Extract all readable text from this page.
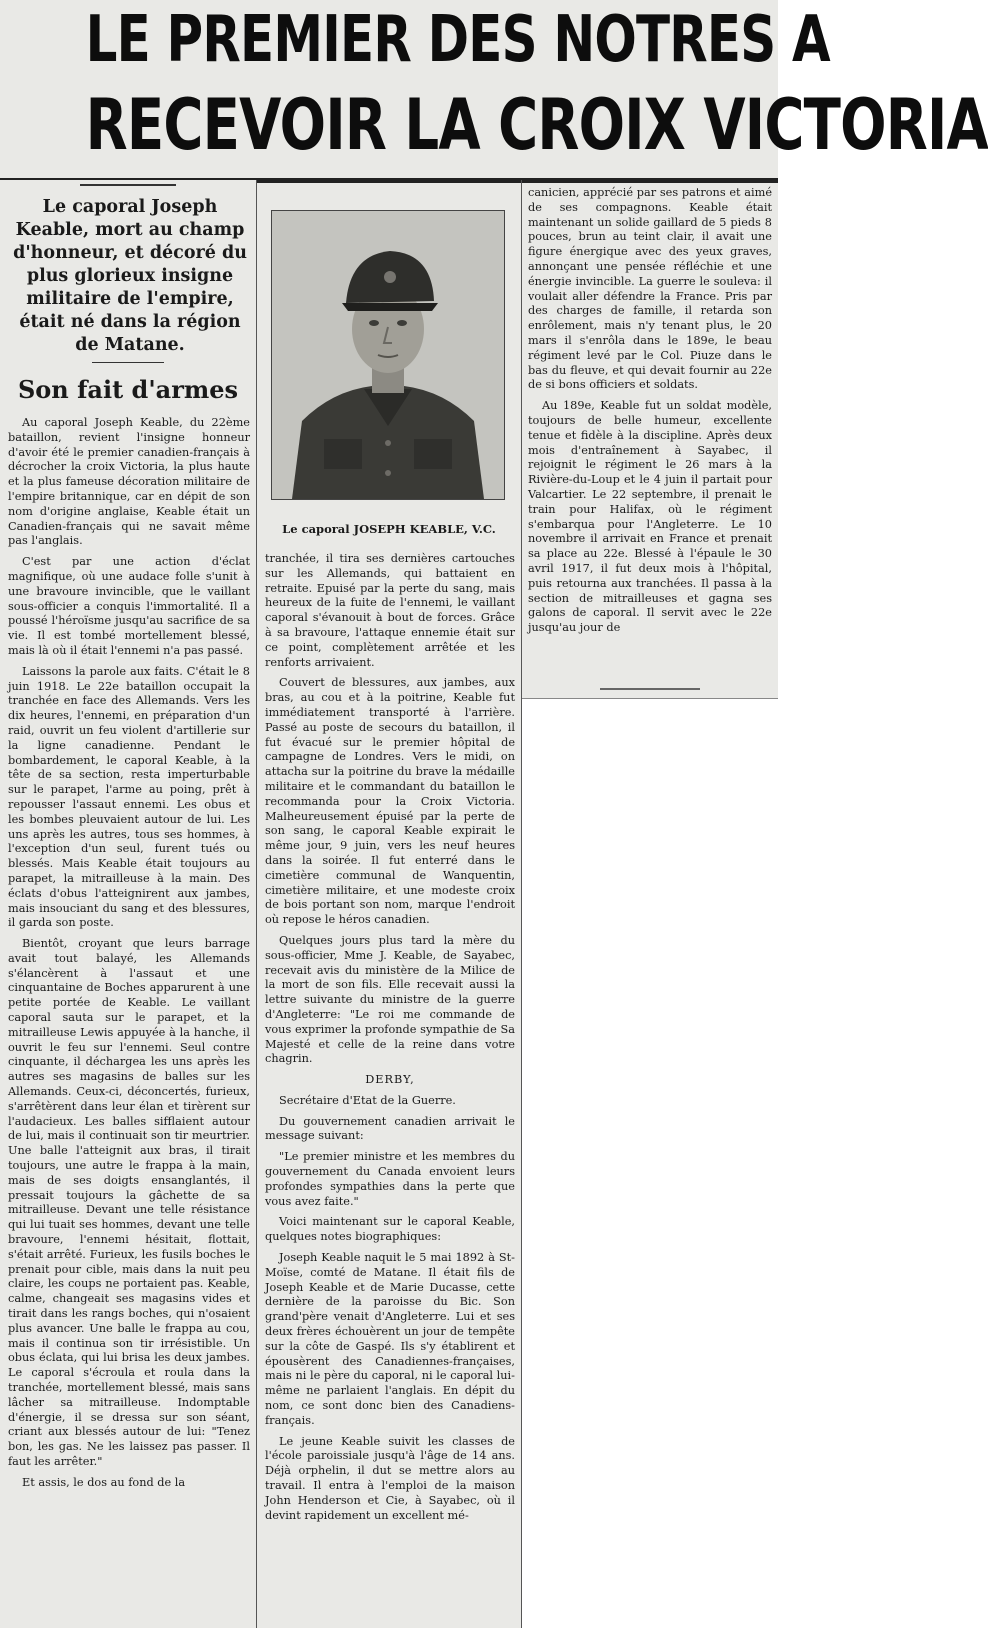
LE PREMIER DES NOTRES A
RECEVOIR LA CROIX VICTORIA
Le caporal Joseph Keable, mort au champ d'honneur, et décoré du plus glorieux insigne militaire de l'empire, était né dans la région de Matane.
Son fait d'armes

Au caporal Joseph Keable, du 22ème bataillon, revient l'insigne honneur d'avoir été le premier canadien-français à décrocher la croix Victoria, la plus haute et la plus fameuse décoration militaire de l'empire britannique, car en dépit de son nom d'origine anglaise, Keable était un Canadien-français qui ne savait même pas l'anglais.

C'est par une action d'éclat magnifique, où une audace folle s'unit à une bravoure invincible, que le vaillant sous-officier a conquis l'immortalité. Il a poussé l'héroïsme jusqu'au sacrifice de sa vie. Il est tombé mortellement blessé, mais là où il était l'ennemi n'a pas passé.

Laissons la parole aux faits. C'était le 8 juin 1918. Le 22e bataillon occupait la tranchée en face des Allemands. Vers les dix heures, l'ennemi, en préparation d'un raid, ouvrit un feu violent d'artillerie sur la ligne canadienne. Pendant le bombardement, le caporal Keable, à la tête de sa section, resta imperturbable sur le parapet, l'arme au poing, prêt à repousser l'assaut ennemi. Les obus et les bombes pleuvaient autour de lui. Les uns après les autres, tous ses hommes, à l'exception d'un seul, furent tués ou blessés. Mais Keable était toujours au parapet, la mitrailleuse à la main. Des éclats d'obus l'atteignirent aux jambes, mais insouciant du sang et des blessures, il garda son poste.

Bientôt, croyant que leurs barrage avait tout balayé, les Allemands s'élancèrent à l'assaut et une cinquantaine de Boches apparurent à une petite portée de Keable. Le vaillant caporal sauta sur le parapet, et la mitrailleuse Lewis appuyée à la hanche, il ouvrit le feu sur l'ennemi. Seul contre cinquante, il déchargea les uns après les autres ses magasins de balles sur les Allemands. Ceux-ci, déconcertés, furieux, s'arrêtèrent dans leur élan et tirèrent sur l'audacieux. Les balles sifflaient autour de lui, mais il continuait son tir meurtrier. Une balle l'atteignit aux bras, il tirait toujours, une autre le frappa à la main, mais de ses doigts ensanglantés, il pressait toujours la gâchette de sa mitrailleuse. Devant une telle résistance qui lui tuait ses hommes, devant une telle bravoure, l'ennemi hésitait, flottait, s'était arrêté. Furieux, les fusils boches le prenait pour cible, mais dans la nuit peu claire, les coups ne portaient pas. Keable, calme, changeait ses magasins vides et tirait dans les rangs boches, qui n'osaient plus avancer. Une balle le frappa au cou, mais il continua son tir irrésistible. Un obus éclata, qui lui brisa les deux jambes. Le caporal s'écroula et roula dans la tranchée, mortellement blessé, mais sans lâcher sa mitrailleuse. Indomptable d'énergie, il se dressa sur son séant, criant aux blessés autour de lui: "Tenez bon, les gas. Ne les laissez pas passer. Il faut les arrêter."

Et assis, le dos au fond de la

Le caporal JOSEPH KEABLE, V.C.

tranchée, il tira ses dernières cartouches sur les Allemands, qui battaient en retraite. Epuisé par la perte du sang, mais heureux de la fuite de l'ennemi, le vaillant caporal s'évanouit à bout de forces. Grâce à sa bravoure, l'attaque ennemie était sur ce point, complètement arrêtée et les renforts arrivaient.

Couvert de blessures, aux jambes, aux bras, au cou et à la poitrine, Keable fut immédiatement transporté à l'arrière. Passé au poste de secours du bataillon, il fut évacué sur le premier hôpital de campagne de Londres. Vers le midi, on attacha sur la poitrine du brave la médaille militaire et le commandant du bataillon le recommanda pour la Croix Victoria. Malheureusement épuisé par la perte de son sang, le caporal Keable expirait le même jour, 9 juin, vers les neuf heures dans la soirée. Il fut enterré dans le cimetière communal de Wanquentin, cimetière militaire, et une modeste croix de bois portant son nom, marque l'endroit où repose le héros canadien.

Quelques jours plus tard la mère du sous-officier, Mme J. Keable, de Sayabec, recevait avis du ministère de la Milice de la mort de son fils. Elle recevait aussi la lettre suivante du ministre de la guerre d'Angleterre: "Le roi me commande de vous exprimer la profonde sympathie de Sa Majesté et celle de la reine dans votre chagrin.

DERBY,

Secrétaire d'Etat de la Guerre.

Du gouvernement canadien arrivait le message suivant:

"Le premier ministre et les membres du gouvernement du Canada envoient leurs profondes sympathies dans la perte que vous avez faite."

Voici maintenant sur le caporal Keable, quelques notes biographiques:

Joseph Keable naquit le 5 mai 1892 à St-Moïse, comté de Matane. Il était fils de Joseph Keable et de Marie Ducasse, cette dernière de la paroisse du Bic. Son grand'père venait d'Angleterre. Lui et ses deux frères échouèrent un jour de tempête sur la côte de Gaspé. Ils s'y établirent et épousèrent des Canadiennes-françaises, mais ni le père du caporal, ni le caporal lui-même ne parlaient l'anglais. En dépit du nom, ce sont donc bien des Canadiens-français.

Le jeune Keable suivit les classes de l'école paroissiale jusqu'à l'âge de 14 ans. Déjà orphelin, il dut se mettre alors au travail. Il entra à l'emploi de la maison John Henderson et Cie, à Sayabec, où il devint rapidement un excellent mé-

canicien, apprécié par ses patrons et aimé de ses compagnons. Keable était maintenant un solide gaillard de 5 pieds 8 pouces, brun au teint clair, il avait une figure énergique avec des yeux graves, annonçant une pensée réfléchie et une énergie invincible. La guerre le souleva: il voulait aller défendre la France. Pris par des charges de famille, il retarda son enrôlement, mais n'y tenant plus, le 20 mars il s'enrôla dans le 189e, le beau régiment levé par le Col. Piuze dans le bas du fleuve, et qui devait fournir au 22e de si bons officiers et soldats.

Au 189e, Keable fut un soldat modèle, toujours de belle humeur, excellente tenue et fidèle à la discipline. Après deux mois d'entraînement à Sayabec, il rejoignit le régiment le 26 mars à la Rivière-du-Loup et le 4 juin il partait pour Valcartier. Le 22 septembre, il prenait le train pour Halifax, où le régiment s'embarqua pour l'Angleterre. Le 10 novembre il arrivait en France et prenait sa place au 22e. Blessé à l'épaule le 30 avril 1917, il fut deux mois à l'hôpital, puis retourna aux tranchées. Il passa à la section de mitrailleuses et gagna ses galons de caporal. Il servit avec le 22e jusqu'au jour de
